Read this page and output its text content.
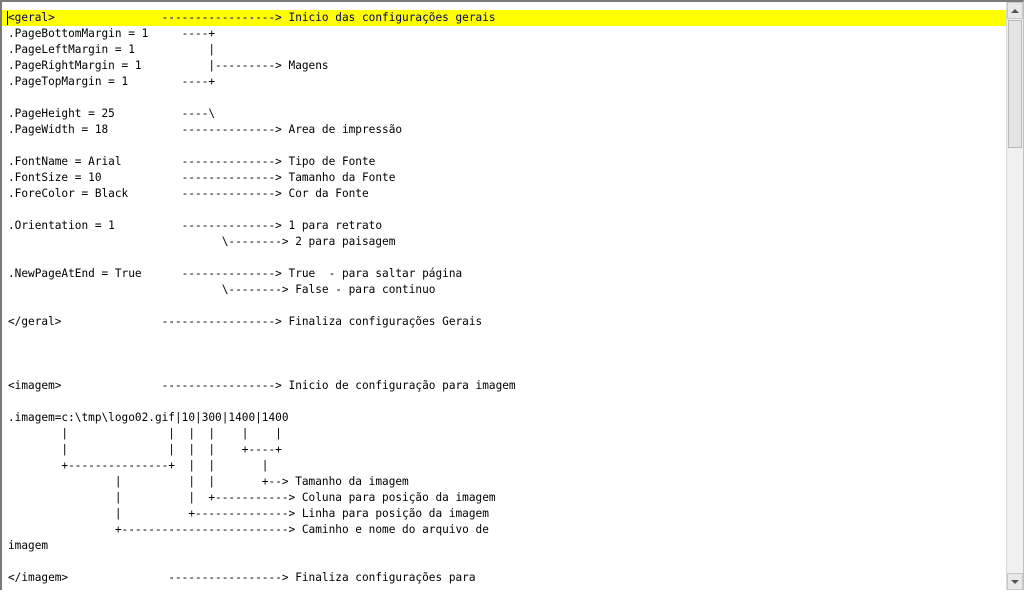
<geral>                -----------------> Inicio das configurações gerais
.PageBottomMargin = 1     ----+
.PageLeftMargin = 1           |
.PageRightMargin = 1          |---------> Magens
.PageTopMargin = 1        ----+
.PageHeight = 25          ----\
.PageWidth = 18           --------------> Area de impressão
.FontName = Arial         --------------> Tipo de Fonte
.FontSize = 10            --------------> Tamanho da Fonte
.ForeColor = Black        --------------> Cor da Fonte
.Orientation = 1          --------------> 1 para retrato
\--------> 2 para paisagem
.NewPageAtEnd = True      --------------> True  - para saltar página
\--------> False - para continuo
</geral>               -----------------> Finaliza configurações Gerais
<imagem>               -----------------> Inicio de configuração para imagem
.imagem=c:\tmp\logo02.gif|10|300|1400|1400
|               |  |  |    |    |
|               |  |  |    +----+
+---------------+  |  |       |
|          |  |       +--> Tamanho da imagem
|          |  +-----------> Coluna para posição da imagem
|          +--------------> Linha para posição da imagem
+-------------------------> Caminho e nome do arquivo de
imagem
</imagem>               -----------------> Finaliza configurações para
